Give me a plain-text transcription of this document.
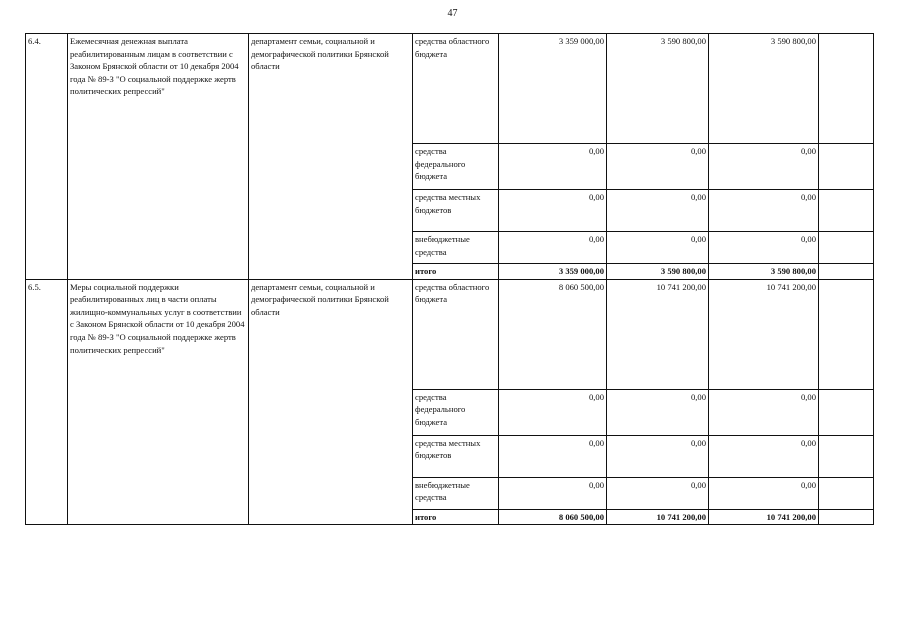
47
6.4.	Ежемесячная денежная выплата реабилитированным лицам в соответствии с Законом Брянской области от 10 декабря 2004 года № 89-З "О социальной поддержке жертв политических репрессий"	департамент семьи, социальной и демографической политики Брянской области	средства областного бюджета	3 359 000,00	3 590 800,00	3 590 800,00	
			средства федерального бюджета	0,00	0,00	0,00	
			средства местных бюджетов	0,00	0,00	0,00	
			внебюджетные средства	0,00	0,00	0,00	
			итого	3 359 000,00	3 590 800,00	3 590 800,00	
6.5.	Меры социальной поддержки реабилитированных лиц в части оплаты жилищно-коммунальных услуг в соответствии с Законом Брянской области от 10 декабря 2004 года № 89-З "О социальной поддержке жертв политических репрессий"	департамент семьи, социальной и демографической политики Брянской области	средства областного бюджета	8 060 500,00	10 741 200,00	10 741 200,00	
			средства федерального бюджета	0,00	0,00	0,00	
			средства местных бюджетов	0,00	0,00	0,00	
			внебюджетные средства	0,00	0,00	0,00	
			итого	8 060 500,00	10 741 200,00	10 741 200,00	
